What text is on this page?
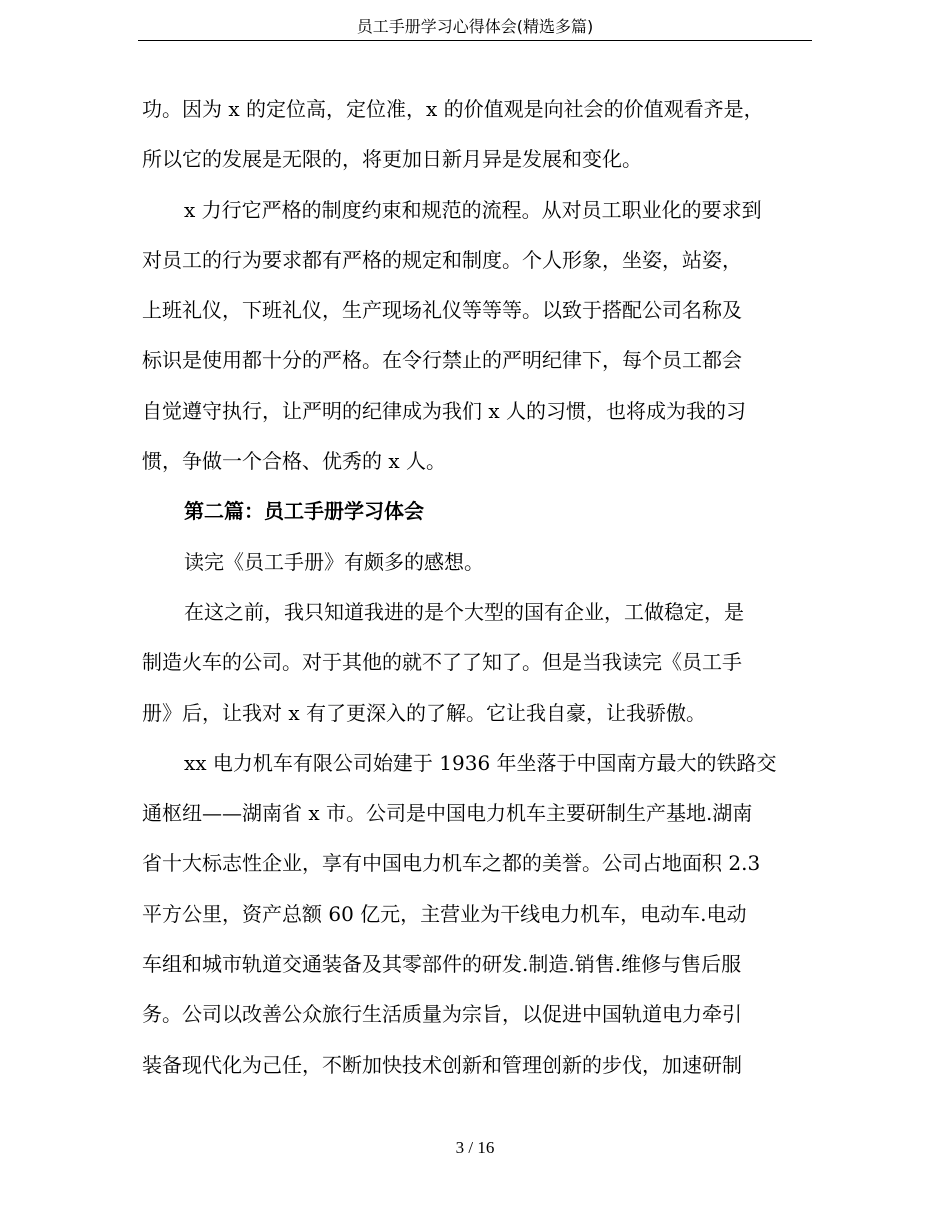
员工手册学习心得体会(精选多篇)
功。因为 x 的定位高，定位准，x 的价值观是向社会的价值观看齐是，
所以它的发展是无限的，将更加日新月异是发展和变化。
x 力行它严格的制度约束和规范的流程。从对员工职业化的要求到
对员工的行为要求都有严格的规定和制度。个人形象，坐姿，站姿，
上班礼仪，下班礼仪，生产现场礼仪等等等。以致于搭配公司名称及
标识是使用都十分的严格。在令行禁止的严明纪律下，每个员工都会
自觉遵守执行，让严明的纪律成为我们 x 人的习惯，也将成为我的习
惯，争做一个合格、优秀的 x 人。
第二篇：员工手册学习体会
读完《员工手册》有颇多的感想。
在这之前，我只知道我进的是个大型的国有企业，工做稳定，是
制造火车的公司。对于其他的就不了了知了。但是当我读完《员工手
册》后，让我对 x 有了更深入的了解。它让我自豪，让我骄傲。
xx 电力机车有限公司始建于 1936 年坐落于中国南方最大的铁路交
通枢纽——湖南省 x 市。公司是中国电力机车主要研制生产基地.湖南
省十大标志性企业，享有中国电力机车之都的美誉。公司占地面积 2.3
平方公里，资产总额 60 亿元，主营业为干线电力机车，电动车.电动
车组和城市轨道交通装备及其零部件的研发.制造.销售.维修与售后服
务。公司以改善公众旅行生活质量为宗旨，以促进中国轨道电力牵引
装备现代化为己任，不断加快技术创新和管理创新的步伐，加速研制
3 / 16
